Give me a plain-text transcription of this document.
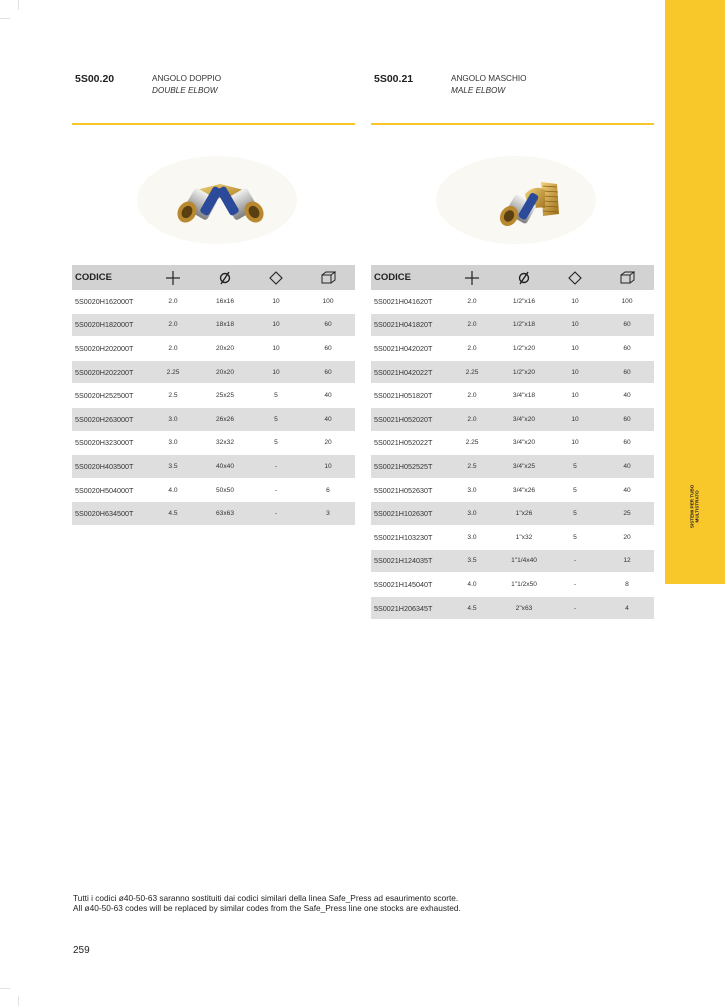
SISTEMI PER TUBO MULTISTRATO
5S00.20	ANGOLO DOPPIO
DOUBLE ELBOW
CODICE	

5S0020H162000T	2.0	16x16	10	100
5S0020H182000T	2.0	18x18	10	60
5S0020H202000T	2.0	20x20	10	60
5S0020H202200T	2.25	20x20	10	60
5S0020H252500T	2.5	25x25	5	40
5S0020H263000T	3.0	26x26	5	40
5S0020H323000T	3.0	32x32	5	20
5S0020H403500T	3.5	40x40	-	10
5S0020H504000T	4.0	50x50	-	6
5S0020H634500T	4.5	63x63	-	3
5S00.21	ANGOLO MASCHIO
MALE ELBOW
CODICE	

5S0021H041620T	2.0	1/2"x16	10	100
5S0021H041820T	2.0	1/2"x18	10	60
5S0021H042020T	2.0	1/2"x20	10	60
5S0021H042022T	2.25	1/2"x20	10	60
5S0021H051820T	2.0	3/4"x18	10	40
5S0021H052020T	2.0	3/4"x20	10	60
5S0021H052022T	2.25	3/4"x20	10	60
5S0021H052525T	2.5	3/4"x25	5	40
5S0021H052630T	3.0	3/4"x26	5	40
5S0021H102630T	3.0	1"x26	5	25
5S0021H103230T	3.0	1"x32	5	20
5S0021H124035T	3.5	1"1/4x40	-	12
5S0021H145040T	4.0	1"1/2x50	-	8
5S0021H206345T	4.5	2"x63	-	4
Tutti i codici ø40-50-63 saranno sostituiti dai codici similari della linea Safe_Press ad esaurimento scorte.
All ø40-50-63 codes will be replaced by similar codes from the Safe_Press line one stocks are exhausted.
259
